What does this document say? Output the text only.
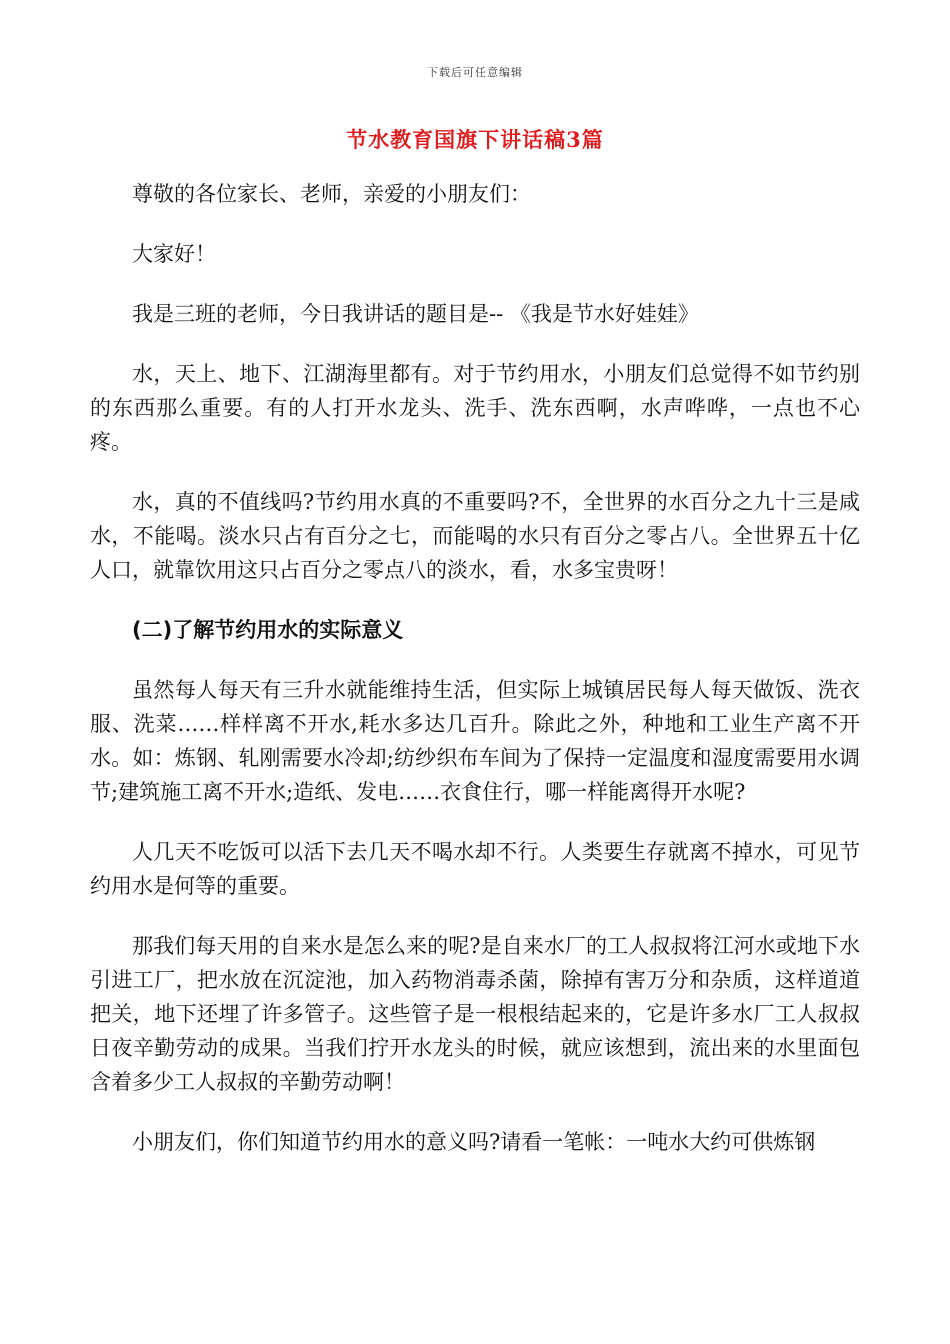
下载后可任意编辑
节水教育国旗下讲话稿3篇

尊敬的各位家长、老师，亲爱的小朋友们：

大家好！

我是三班的老师，今日我讲话的题目是-- 《我是节水好娃娃》

水，天上、地下、江湖海里都有。对于节约用水，小朋友们总觉得不如节约别的东西那么重要。有的人打开水龙头、洗手、洗东西啊，水声哗哗，一点也不心疼。

水，真的不值线吗?节约用水真的不重要吗?不，全世界的水百分之九十三是咸水，不能喝。淡水只占有百分之七，而能喝的水只有百分之零占八。全世界五十亿人口，就靠饮用这只占百分之零点八的淡水，看，水多宝贵呀！

(二)了解节约用水的实际意义

虽然每人每天有三升水就能维持生活，但实际上城镇居民每人每天做饭、洗衣服、洗菜……样样离不开水,耗水多达几百升。除此之外，种地和工业生产离不开水。如：炼钢、轧刚需要水冷却;纺纱织布车间为了保持一定温度和湿度需要用水调节;建筑施工离不开水;造纸、发电……衣食住行，哪一样能离得开水呢?

人几天不吃饭可以活下去几天不喝水却不行。人类要生存就离不掉水，可见节约用水是何等的重要。

那我们每天用的自来水是怎么来的呢?是自来水厂的工人叔叔将江河水或地下水引进工厂，把水放在沉淀池，加入药物消毒杀菌，除掉有害万分和杂质，这样道道把关，地下还埋了许多管子。这些管子是一根根结起来的，它是许多水厂工人叔叔日夜辛勤劳动的成果。当我们拧开水龙头的时候，就应该想到，流出来的水里面包含着多少工人叔叔的辛勤劳动啊！

小朋友们，你们知道节约用水的意义吗?请看一笔帐：一吨水大约可供炼钢
